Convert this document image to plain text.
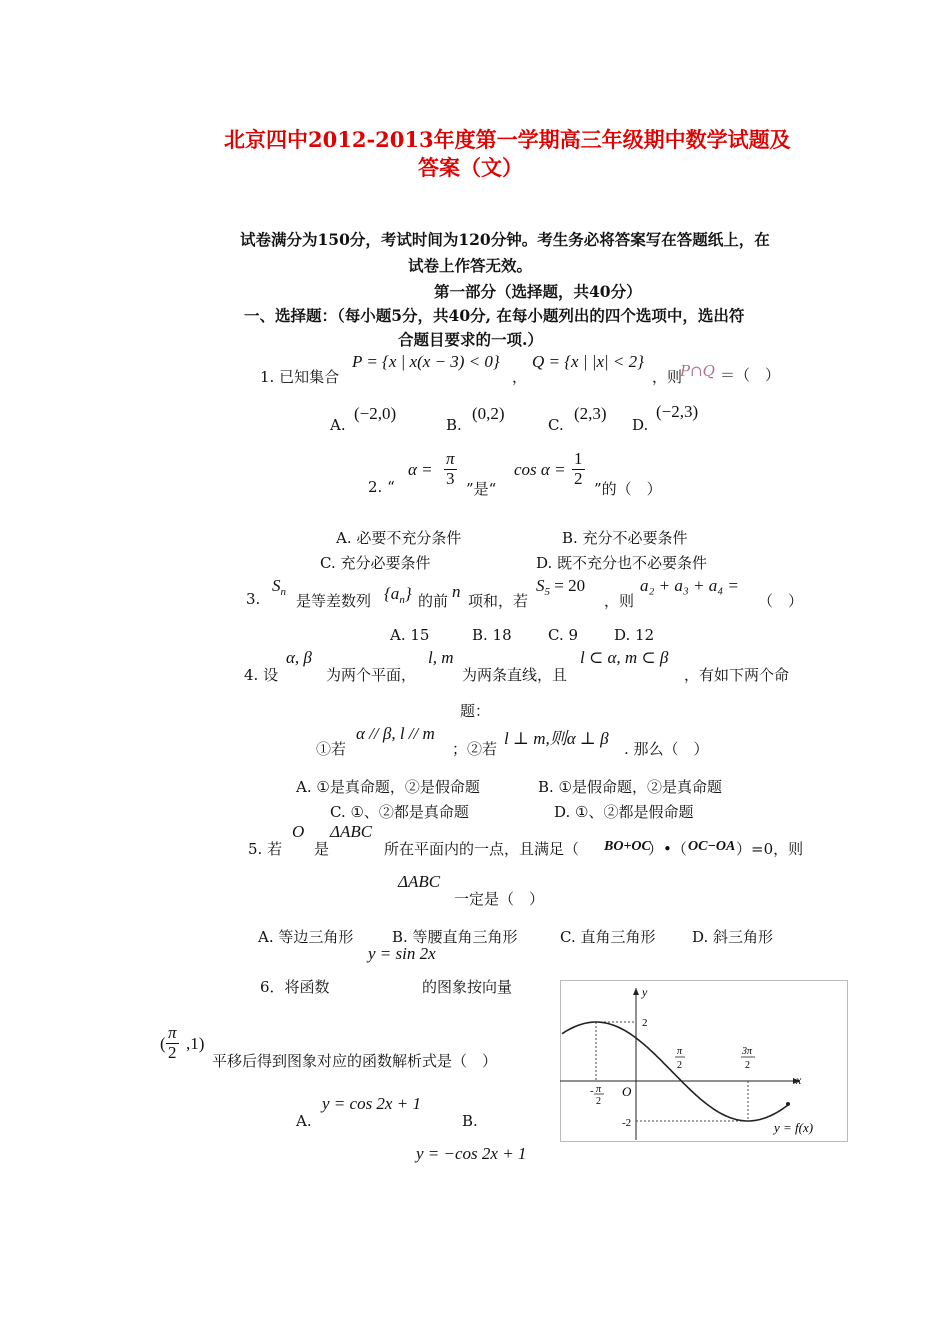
北京四中2012-2013年度第一学期高三年级期中数学试题及
答案（文）
试卷满分为150分，考试时间为120分钟。考生务必将答案写在答题纸上，在
试卷上作答无效。
第一部分（选择题，共40分）
一、选择题：（每小题5分，共40分, 在每小题列出的四个选项中，选出符
合题目要求的一项.）
1. 已知集合
P = {x | x(x − 3) < 0}
，
Q = {x | |x| < 2}
，则
P∩Q ＝（　）
A.
(−2,0)
B.
(0,2)
C.
(2,3)
D.
(−2,3)
2. “
$\alpha = \frac{\pi}{3}$
”是“
$\cos \alpha = \frac{1}{2}$
”的（　）
A. 必要不充分条件	B. 充分不必要条件
C. 充分必要条件	D. 既不充分也不必要条件
3.
$S_n$ 是等差数列 $\{a_n\}$ 的前 n 项和，若
$S_5 = 20$
，则
a₂ + a₃ + a₄ =
（　）
A. 15	B. 18 C. 9 D. 12
4. 设
α, β
为两个平面，
l, m
为两条直线，且
l ⊂ α, m ⊂ β
，有如下两个命
题：
①若
α // β, l // m
；②若
l ⊥ m,则α ⊥ β
. 那么（　）
A. ①是真命题，②是假命题	B. ①是假命题，②是真命题
C. ①、②都是真命题	D. ①、②都是假命题
5. 若
O
是
ΔABC
所在平面内的一点，且满足（ BO+OC
）•（ OC−OA ）=0，则
ΔABC
一定是（　）
A. 等边三角形	B. 等腰直角三角形	C. 直角三角形 D. 斜三角形
y = sin 2x
6．将函数	的图象按向量
( $\frac{\pi}{2} ,1$)
平移后得到图象对应的函数解析式是（　）
A.
y = cos 2x + 1
B.
y = −cos 2x + 1
y
x
O
2
-2
- π
2
π
2
3π
2
y = f(x)
